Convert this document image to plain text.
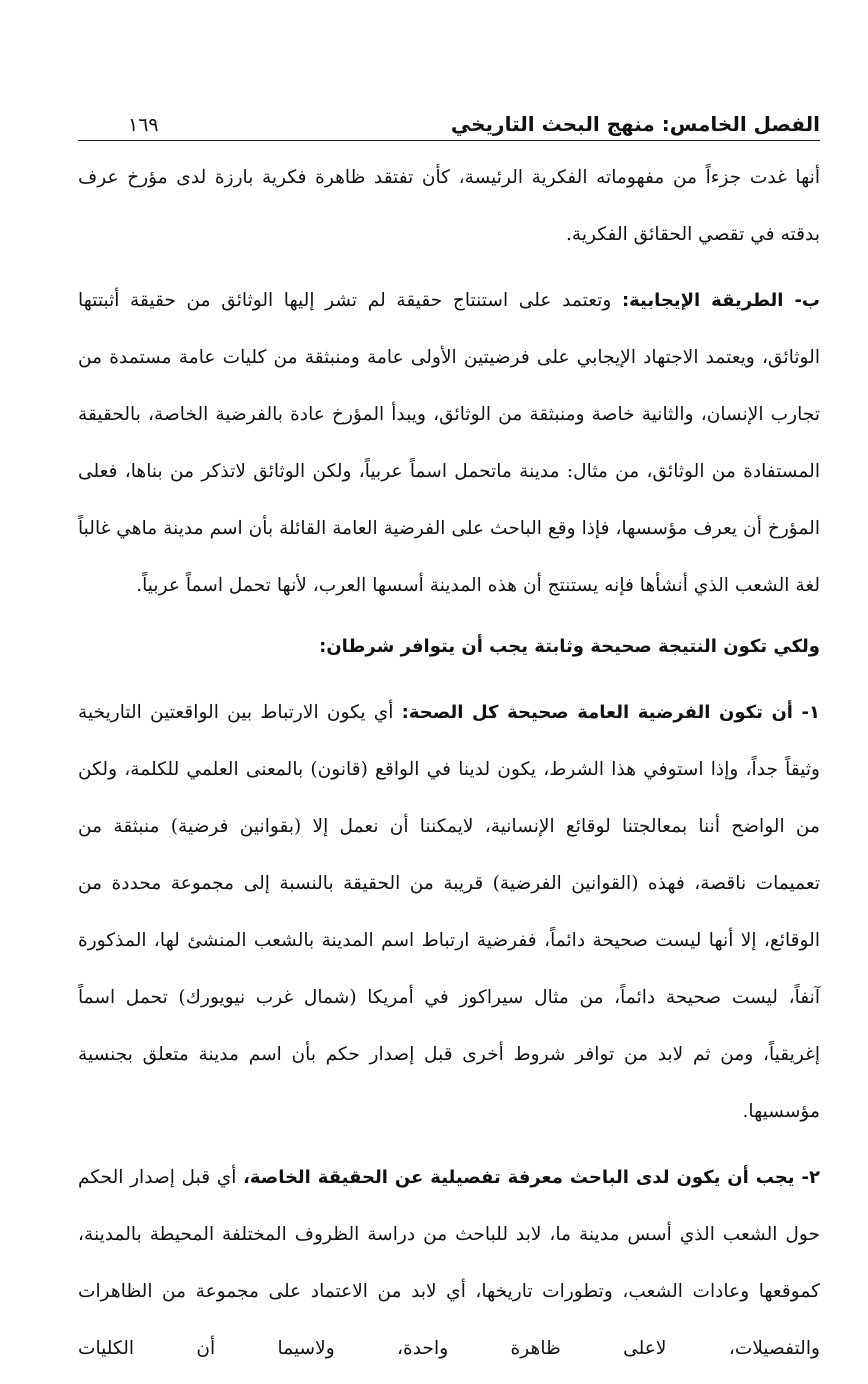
الفصل الخامس: منهج البحث التاريخي
١٦٩

أنها غدت جزءاً من مفهوماته الفكرية الرئيسة، كأن تفتقد ظاهرة فكرية بارزة لدى مؤرخ عرف بدقته في تقصي الحقائق الفكرية.

ب- الطريقة الإيجابية: وتعتمد على استنتاج حقيقة لم تشر إليها الوثائق من حقيقة أثبتتها الوثائق، ويعتمد الاجتهاد الإيجابي على فرضيتين الأولى عامة ومنبثقة من كليات عامة مستمدة من تجارب الإنسان، والثانية خاصة ومنبثقة من الوثائق، ويبدأ المؤرخ عادة بالفرضية الخاصة، بالحقيقة المستفادة من الوثائق، من مثال: مدينة ماتحمل اسماً عربياً، ولكن الوثائق لاتذكر من بناها، فعلى المؤرخ أن يعرف مؤسسها، فإذا وقع الباحث على الفرضية العامة القائلة بأن اسم مدينة ماهي غالباً لغة الشعب الذي أنشأها فإنه يستنتج أن هذه المدينة أسسها العرب، لأنها تحمل اسماً عربياً.

ولكي تكون النتيجة صحيحة وثابتة يجب أن يتوافر شرطان:

١- أن تكون الفرضية العامة صحيحة كل الصحة: أي يكون الارتباط بين الواقعتين التاريخية وثيقاً جداً، وإذا استوفي هذا الشرط، يكون لدينا في الواقع (قانون) بالمعنى العلمي للكلمة، ولكن من الواضح أننا بمعالجتنا لوقائع الإنسانية، لايمكننا أن نعمل إلا (بقوانين فرضية) منبثقة من تعميمات ناقصة، فهذه (القوانين الفرضية) قريبة من الحقيقة بالنسبة إلى مجموعة محددة من الوقائع، إلا أنها ليست صحيحة دائماً، ففرضية ارتباط اسم المدينة بالشعب المنشئ لها، المذكورة آنفاً، ليست صحيحة دائماً، من مثال سيراكوز في أمريكا (شمال غرب نيويورك) تحمل اسماً إغريقياً، ومن ثم لابد من توافر شروط أخرى قبل إصدار حكم بأن اسم مدينة متعلق بجنسية مؤسسيها.

٢- يجب أن يكون لدى الباحث معرفة تفصيلية عن الحقيقة الخاصة، أي قبل إصدار الحكم حول الشعب الذي أسس مدينة ما، لابد للباحث من دراسة الظروف المختلفة المحيطة بالمدينة، كموقعها وعادات الشعب، وتطورات تاريخها، أي لابد من الاعتماد على مجموعة من الظاهرات والتفصيلات، لاعلى ظاهرة واحدة، ولاسيما أن الكليات
